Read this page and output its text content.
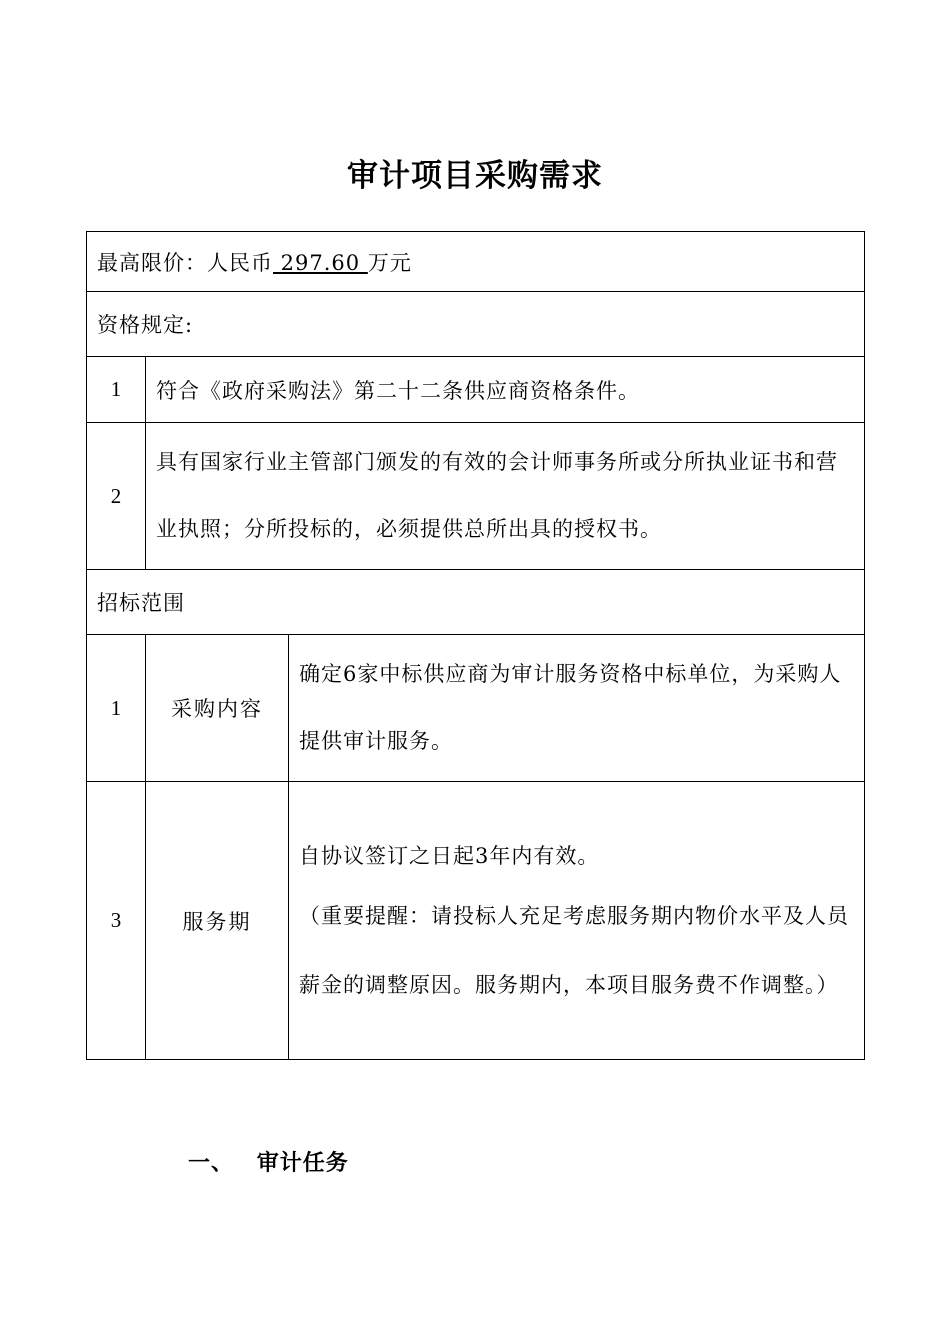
审计项目采购需求
最高限价：人民币 297.60 万元		
资格规定:		
1	符合《政府采购法》第二十二条供应商资格条件。	
2	具有国家行业主管部门颁发的有效的会计师事务所或分所执业证书和营业执照；分所投标的，必须提供总所出具的授权书。	
招标范围		
1	采购内容	确定6家中标供应商为审计服务资格中标单位，为采购人提供审计服务。
3	服务期	自协议签订之日起3年内有效。

（重要提醒：请投标人充足考虑服务期内物价水平及人员薪金的调整原因。服务期内，本项目服务费不作调整。）

一、 审计任务
